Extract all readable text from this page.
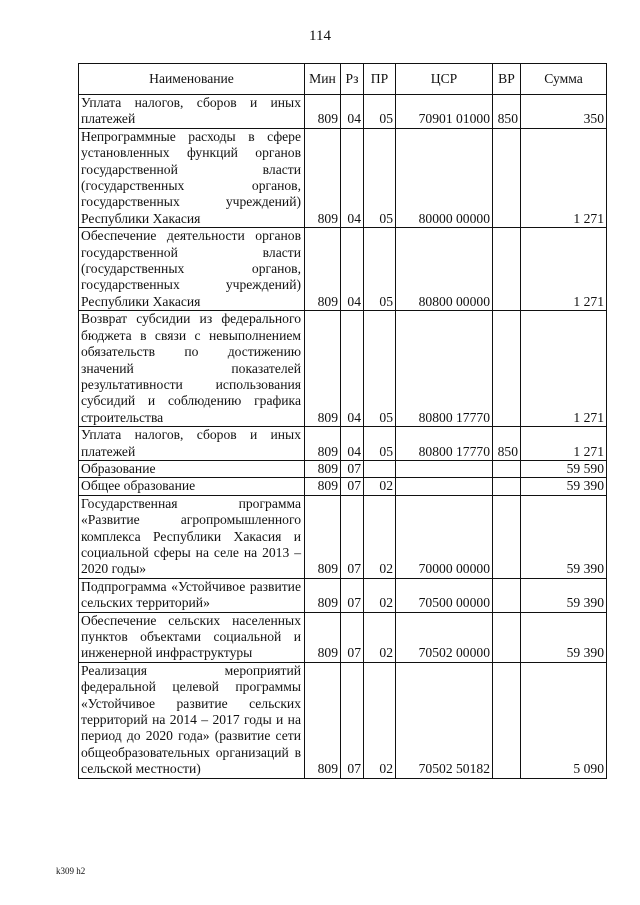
114
Наименование	Мин	Рз	ПР	ЦСР	ВР	Сумма
Уплата налогов, сборов и иных платежей	809	04	05	70901 01000	850	350
Непрограммные расходы в сфере установленных функций органов государственной власти (государственных органов, государственных учреждений) Республики Хакасия	809	04	05	80000 00000		1 271
Обеспечение деятельности органов государственной власти (государственных органов, государственных учреждений) Республики Хакасия	809	04	05	80800 00000		1 271
Возврат субсидии из федерального бюджета в связи с невыполнением обязательств по достижению значений показателей результативности использования субсидий и соблюдению графика строительства	809	04	05	80800 17770		1 271
Уплата налогов, сборов и иных платежей	809	04	05	80800 17770	850	1 271
Образование	809	07				59 590
Общее образование	809	07	02			59 390
Государственная программа «Развитие агропромышленного комплекса Республики Хакасия и социальной сферы на селе на 2013 – 2020 годы»	809	07	02	70000 00000		59 390
Подпрограмма «Устойчивое развитие сельских территорий»	809	07	02	70500 00000		59 390
Обеспечение сельских населенных пунктов объектами социальной и инженерной инфраструктуры	809	07	02	70502 00000		59 390
Реализация мероприятий федеральной целевой программы «Устойчивое развитие сельских территорий на 2014 – 2017 годы и на период до 2020 года» (развитие сети общеобразовательных организаций в сельской местности)	809	07	02	70502 50182		5 090
k309 h2
